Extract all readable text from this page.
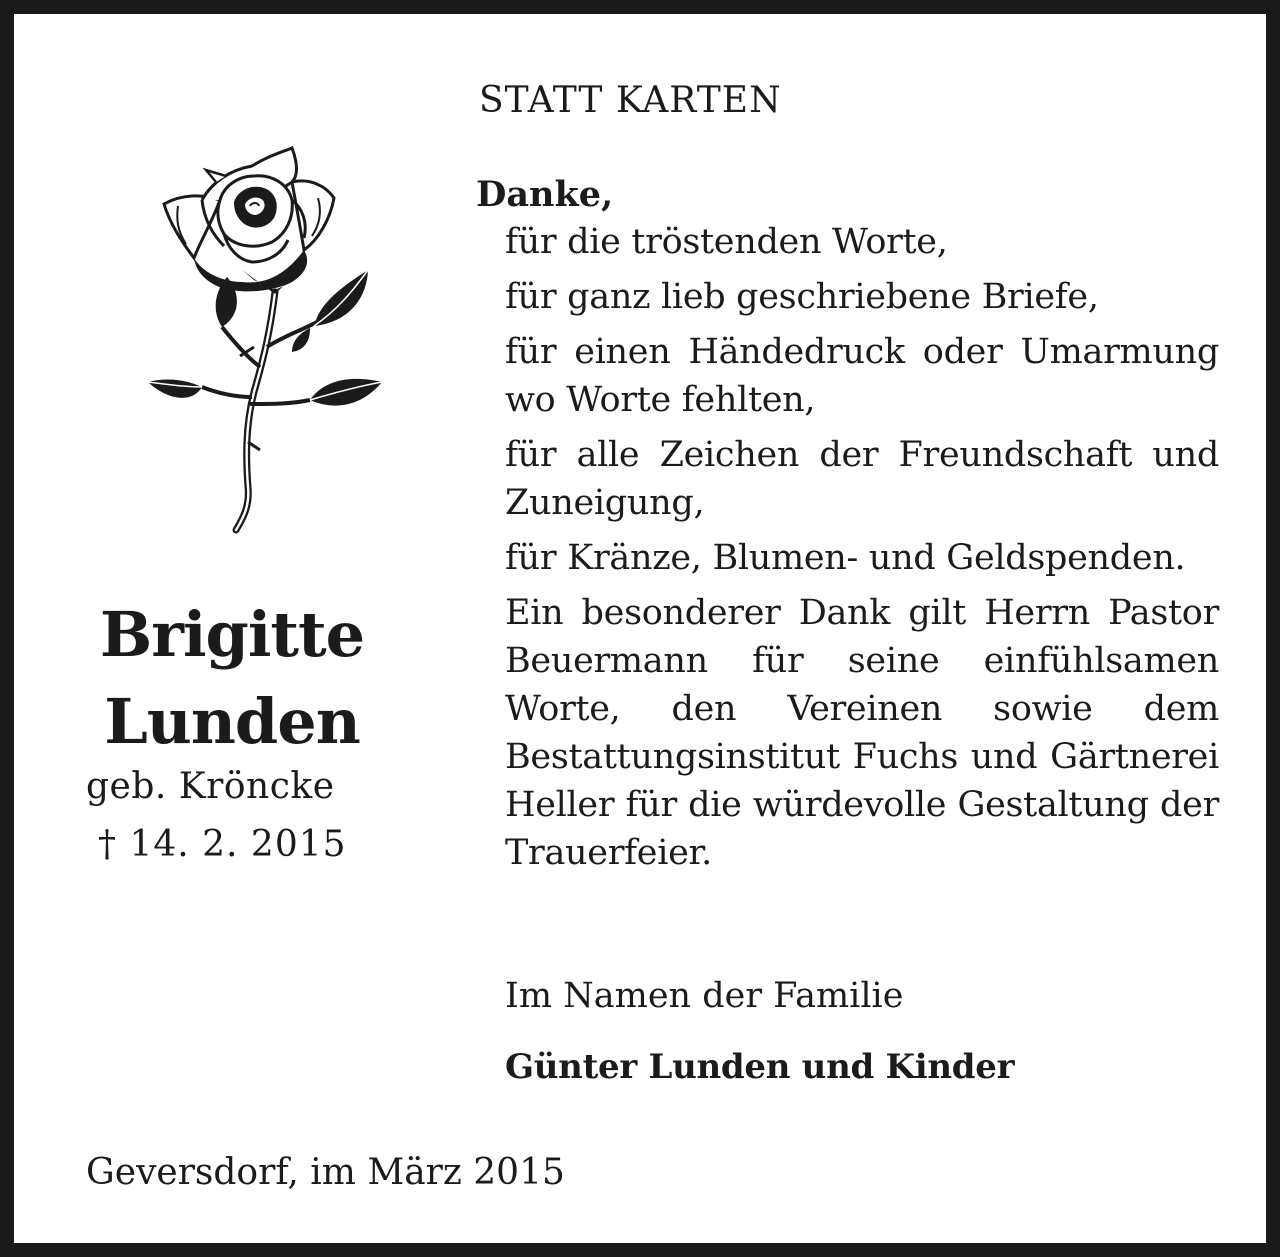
STATT KARTEN
Brigitte
Lunden
geb. Kröncke
† 14. 2. 2015
Danke,

für die tröstenden Worte,

für ganz lieb geschriebene Briefe,

für einen Händedruck oder Umarmung wo Worte fehlten,

für alle Zeichen der Freundschaft und Zuneigung,

für Kränze, Blumen- und Geldspenden.

Ein besonderer Dank gilt Herrn Pastor Beuermann für seine einfühlsamen Worte, den Vereinen sowie dem Bestattungsinstitut Fuchs und Gärtnerei Heller für die würdevolle Gestaltung der Trauerfeier.

Im Namen der Familie
Günter Lunden und Kinder
Geversdorf, im März 2015
